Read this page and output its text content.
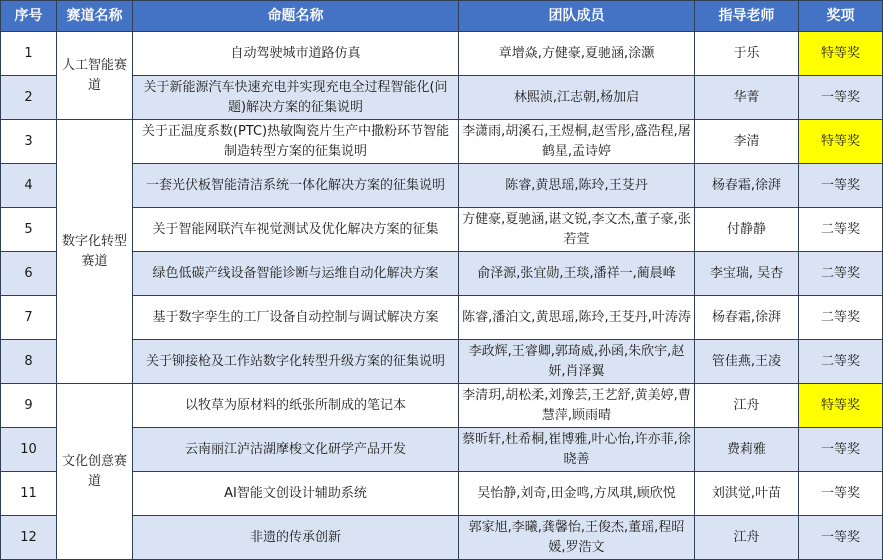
序号	赛道名称	命题名称	团队成员	指导老师	奖项
1	人工智能赛道	自动驾驶城市道路仿真	章增焱,方健豪,夏驰涵,涂灏	于乐	特等奖
2		关于新能源汽车快速充电并实现充电全过程智能化(问题)解决方案的征集说明	林熙浈,江志朝,杨加启	华菁	一等奖
3	数字化转型赛道	关于正温度系数(PTC)热敏陶瓷片生产中撒粉环节智能制造转型方案的征集说明	李潇雨,胡溪石,王煜桐,赵雪彤,盛浩程,屠鹤星,孟诗婷	李清	特等奖
4		一套光伏板智能清洁系统一体化解决方案的征集说明	陈睿,黄思瑶,陈玲,王芟丹	杨春霜,徐湃	一等奖
5		关于智能网联汽车视觉测试及优化解决方案的征集	方健豪,夏驰涵,谌文锐,李文杰,董子豪,张若萱	付静静	二等奖
6		绿色低碳产线设备智能诊断与运维自动化解决方案	俞泽源,张宜勋,王琰,潘祥一,蔺晨峰	李宝瑞, 吴杏	二等奖
7		基于数字孪生的工厂设备自动控制与调试解决方案	陈睿,潘泊文,黄思瑶,陈玲,王芟丹,叶涛涛	杨春霜,徐湃	二等奖
8		关于铆接枪及工作站数字化转型升级方案的征集说明	李政辉,王睿卿,郭琦威,孙函,朱欣宇,赵妍,肖泽翼	管佳燕,王凌	二等奖
9	文化创意赛道	以牧草为原材料的纸张所制成的笔记本	李清玥,胡松柔,刘豫芸,王艺舒,黄美婷,曹慧萍,顾雨晴	江舟	特等奖
10		云南丽江泸沽湖摩梭文化研学产品开发	蔡昕轩,杜希桐,崔博雅,叶心怡,许亦菲,徐晓善	费莉雅	一等奖
11		AI智能文创设计辅助系统	吴怡静,刘奇,田金鸣,方凤琪,顾欣悦	刘淇觉,叶苗	一等奖
12		非遗的传承创新	郭家旭,李曦,龚馨怡,王俊杰,董瑶,程昭媛,罗浩文	江舟	一等奖
